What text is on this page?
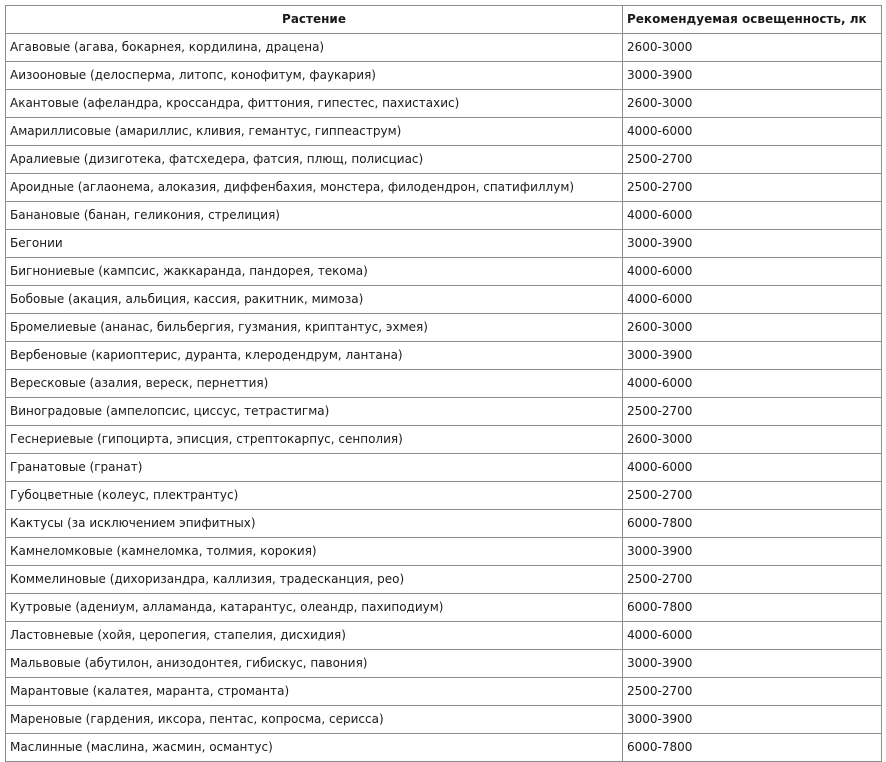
Растение	Рекомендуемая освещенность, лк
Агавовые (агава, бокарнея, кордилина, драцена)	2600-3000
Аизооновые (делосперма, литопс, конофитум, фаукария)	3000-3900
Акантовые (афеландра, кроссандра, фиттония, гипестес, пахистахис)	2600-3000
Амариллисовые (амариллис, кливия, гемантус, гиппеаструм)	4000-6000
Аралиевые (дизиготека, фатсхедера, фатсия, плющ, полисциас)	2500-2700
Ароидные (аглаонема, алоказия, диффенбахия, монстера, филодендрон, спатифиллум)	2500-2700
Банановые (банан, геликония, стрелиция)	4000-6000
Бегонии	3000-3900
Бигнониевые (кампсис, жаккаранда, пандорея, текома)	4000-6000
Бобовые (акация, альбиция, кассия, ракитник, мимоза)	4000-6000
Бромелиевые (ананас, бильбергия, гузмания, криптантус, эхмея)	2600-3000
Вербеновые (кариоптерис, дуранта, клеродендрум, лантана)	3000-3900
Вересковые (азалия, вереск, пернеттия)	4000-6000
Виноградовые (ампелопсис, циссус, тетрастигма)	2500-2700
Геснериевые (гипоцирта, эписция, стрептокарпус, сенполия)	2600-3000
Гранатовые (гранат)	4000-6000
Губоцветные (колеус, плектрантус)	2500-2700
Кактусы (за исключением эпифитных)	6000-7800
Камнеломковые (камнеломка, толмия, корокия)	3000-3900
Коммелиновые (дихоризандра, каллизия, традесканция, рео)	2500-2700
Кутровые (адениум, алламанда, катарантус, олеандр, пахиподиум)	6000-7800
Ластовневые (хойя, церопегия, стапелия, дисхидия)	4000-6000
Мальвовые (абутилон, анизодонтея, гибискус, павония)	3000-3900
Марантовые (калатея, маранта, строманта)	2500-2700
Мареновые (гардения, иксора, пентас, копросма, серисса)	3000-3900
Маслинные (маслина, жасмин, османтус)	6000-7800
